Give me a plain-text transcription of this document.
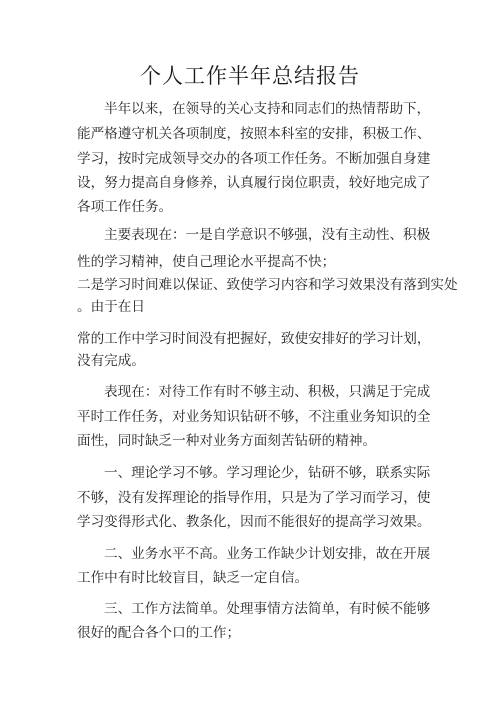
个人工作半年总结报告
半年以来，在领导的关心支持和同志们的热情帮助下，
能严格遵守机关各项制度，按照本科室的安排，积极工作、
学习，按时完成领导交办的各项工作任务。不断加强自身建
设，努力提高自身修养，认真履行岗位职责，较好地完成了
各项工作任务。
主要表现在：一是自学意识不够强，没有主动性、积极
性的学习精神，使自己理论水平提高不快；
二是学习时间难以保证、致使学习内容和学习效果没有落到实处
。由于在日
常的工作中学习时间没有把握好，致使安排好的学习计划，
没有完成。
表现在：对待工作有时不够主动、积极，只满足于完成
平时工作任务，对业务知识钻研不够，不注重业务知识的全
面性，同时缺乏一种对业务方面刻苦钻研的精神。
一、理论学习不够。学习理论少，钻研不够，联系实际
不够，没有发挥理论的指导作用，只是为了学习而学习，使
学习变得形式化、教条化，因而不能很好的提高学习效果。
二、业务水平不高。业务工作缺少计划安排，故在开展
工作中有时比较盲目，缺乏一定自信。
三、工作方法简单。处理事情方法简单，有时候不能够
很好的配合各个口的工作；
